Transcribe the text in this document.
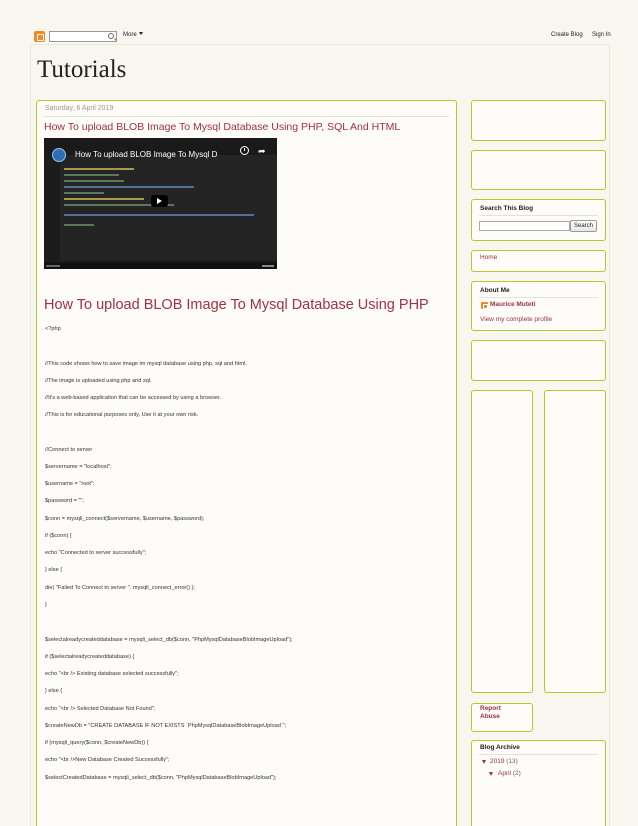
More	Create Blog Sign In
Tutorials
Saturday, 6 April 2019
How To upload BLOB Image To Mysql Database Using PHP, SQL And HTML
How To upload BLOB Image To Mysql D	➦
How To upload BLOB Image To Mysql Database Using PHP
<?php
//This code shows how to save image im mysql database using php, sql and html.
//The image is uploaded using php and sql.
//It's a web-based application that can be accessed by using a browser.
//This is for educational purposes only, Use it at your own risk.
//Connect to server
$servername = "localhost";
$username = "root";
$password = "";
$conn = mysqli_connect($servername, $username, $password);
if ($conn) {
echo "Connected to server successfully";
} else {
die( "Failed To Connect to server ". mysqli_connect_error() );
}
$selectalreadycreateddatabase = mysqli_select_db($conn, "PhpMysqlDatabaseBlobImageUpload");
if ($selectalreadycreateddatabase) {
echo "<br /> Existing database selected successfully";
} else {
echo "<br /> Selected Database Not Found";
$createNewDb = "CREATE DATABASE IF NOT EXISTS `PhpMysqlDatabaseBlobImageUpload`";
if (mysqli_query($conn, $createNewDb)) {
echo "<br />New Database Created Successfully";
$selectCreatedDatabase = mysqli_select_db($conn, "PhpMysqlDatabaseBlobImageUpload");
Search This Blog
Search
Home
About Me
Maurice Muteti
View my complete profile
Report Abuse
Blog Archive
2019 (13)
April (2)
